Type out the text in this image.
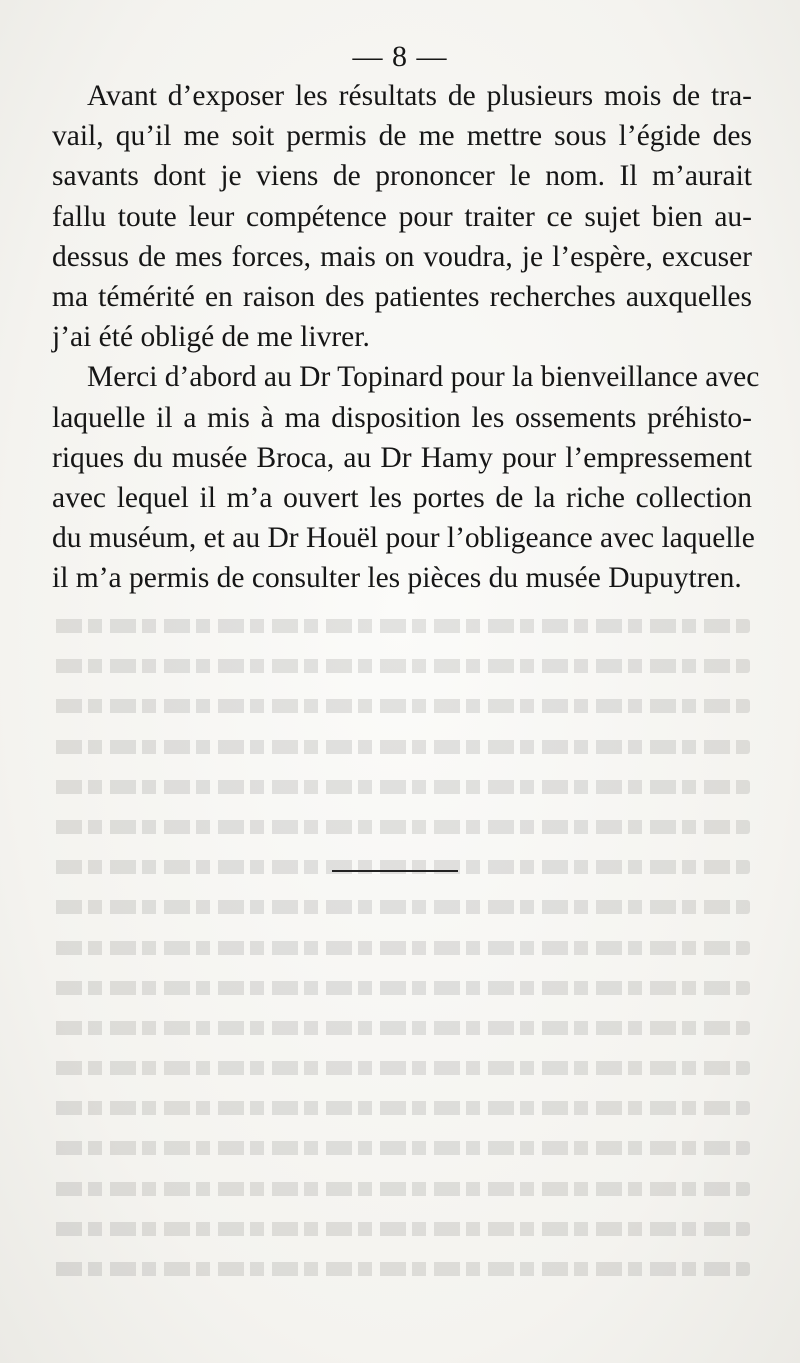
— 8 —
Avant d’exposer les résultats de plusieurs mois de tra-
vail, qu’il me soit permis de me mettre sous l’égide des
savants dont je viens de prononcer le nom. Il m’aurait
fallu toute leur compétence pour traiter ce sujet bien au-
dessus de mes forces, mais on voudra, je l’espère, excuser
ma témérité en raison des patientes recherches auxquelles
j’ai été obligé de me livrer.
Merci d’abord au Dr Topinard pour la bienveillance avec
laquelle il a mis à ma disposition les ossements préhisto-
riques du musée Broca, au Dr Hamy pour l’empressement
avec lequel il m’a ouvert les portes de la riche collection
du muséum, et au Dr Houël pour l’obligeance avec laquelle
il m’a permis de consulter les pièces du musée Dupuytren.
